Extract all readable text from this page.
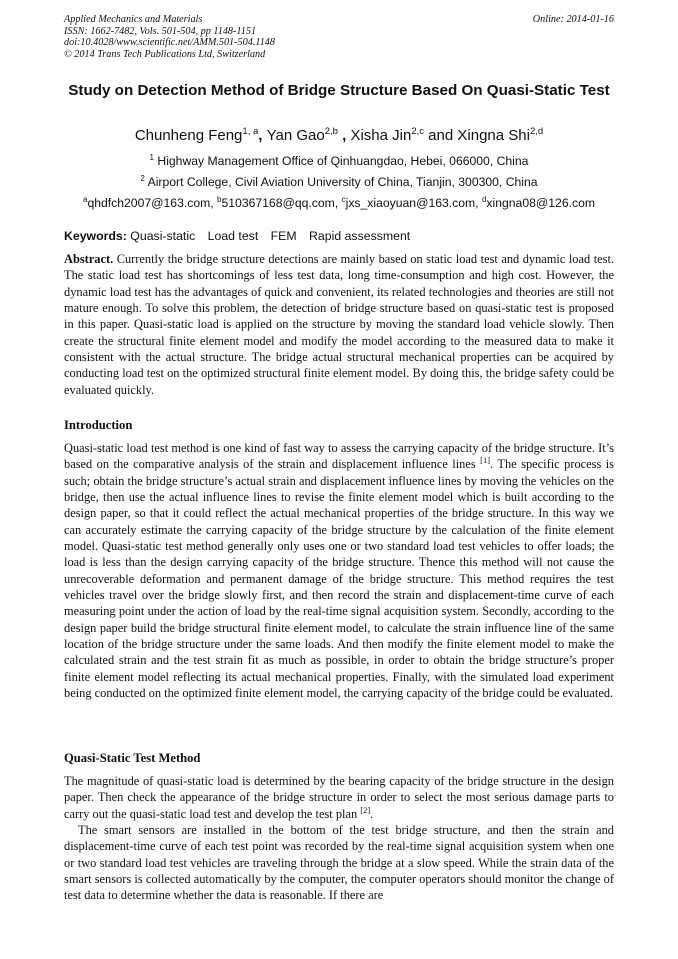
Applied Mechanics and Materials
ISSN: 1662-7482, Vols. 501-504, pp 1148-1151
doi:10.4028/www.scientific.net/AMM.501-504.1148
© 2014 Trans Tech Publications Ltd, Switzerland
Online: 2014-01-16
Study on Detection Method of Bridge Structure Based On Quasi-Static Test
Chunheng Feng$^{1, a}$, Yan Gao$^{2,b}$ , Xisha Jin$^{2,c}$ and Xingna Shi$^{2,d}$
$^1$ Highway Management Office of Qinhuangdao, Hebei, 066000, China
$^2$ Airport College, Civil Aviation University of China, Tianjin, 300300, China
$^a$qhdfch2007@163.com, $^b$510367168@qq.com, $^c$jxs_xiaoyuan@163.com, $^d$xingna08@126.com
Keywords: Quasi-static Load test FEM Rapid assessment

Abstract. Currently the bridge structure detections are mainly based on static load test and dynamic load test. The static load test has shortcomings of less test data, long time-consumption and high cost. However, the dynamic load test has the advantages of quick and convenient, its related technologies and theories are still not mature enough. To solve this problem, the detection of bridge structure based on quasi-static test is proposed in this paper. Quasi-static load is applied on the structure by moving the standard load vehicle slowly. Then create the structural finite element model and modify the model according to the measured data to make it consistent with the actual structure. The bridge actual structural mechanical properties can be acquired by conducting load test on the optimized structural finite element model. By doing this, the bridge safety could be evaluated quickly.

Introduction

Quasi-static load test method is one kind of fast way to assess the carrying capacity of the bridge structure. It’s based on the comparative analysis of the strain and displacement influence lines [1]. The specific process is such; obtain the bridge structure’s actual strain and displacement influence lines by moving the vehicles on the bridge, then use the actual influence lines to revise the finite element model which is built according to the design paper, so that it could reflect the actual mechanical properties of the bridge structure. In this way we can accurately estimate the carrying capacity of the bridge structure by the calculation of the finite element model. Quasi-static test method generally only uses one or two standard load test vehicles to offer loads; the load is less than the design carrying capacity of the bridge structure. Thence this method will not cause the unrecoverable deformation and permanent damage of the bridge structure. This method requires the test vehicles travel over the bridge slowly first, and then record the strain and displacement-time curve of each measuring point under the action of load by the real-time signal acquisition system. Secondly, according to the design paper build the bridge structural finite element model, to calculate the strain influence line of the same location of the bridge structure under the same loads. And then modify the finite element model to make the calculated strain and the test strain fit as much as possible, in order to obtain the bridge structure’s proper finite element model reflecting its actual mechanical properties. Finally, with the simulated load experiment being conducted on the optimized finite element model, the carrying capacity of the bridge could be evaluated.

Quasi-Static Test Method

The magnitude of quasi-static load is determined by the bearing capacity of the bridge structure in the design paper. Then check the appearance of the bridge structure in order to select the most serious damage parts to carry out the quasi-static load test and develop the test plan [2].

The smart sensors are installed in the bottom of the test bridge structure, and then the strain and displacement-time curve of each test point was recorded by the real-time signal acquisition system when one or two standard load test vehicles are traveling through the bridge at a slow speed. While the strain data of the smart sensors is collected automatically by the computer, the computer operators should monitor the change of test data to determine whether the data is reasonable. If there are
